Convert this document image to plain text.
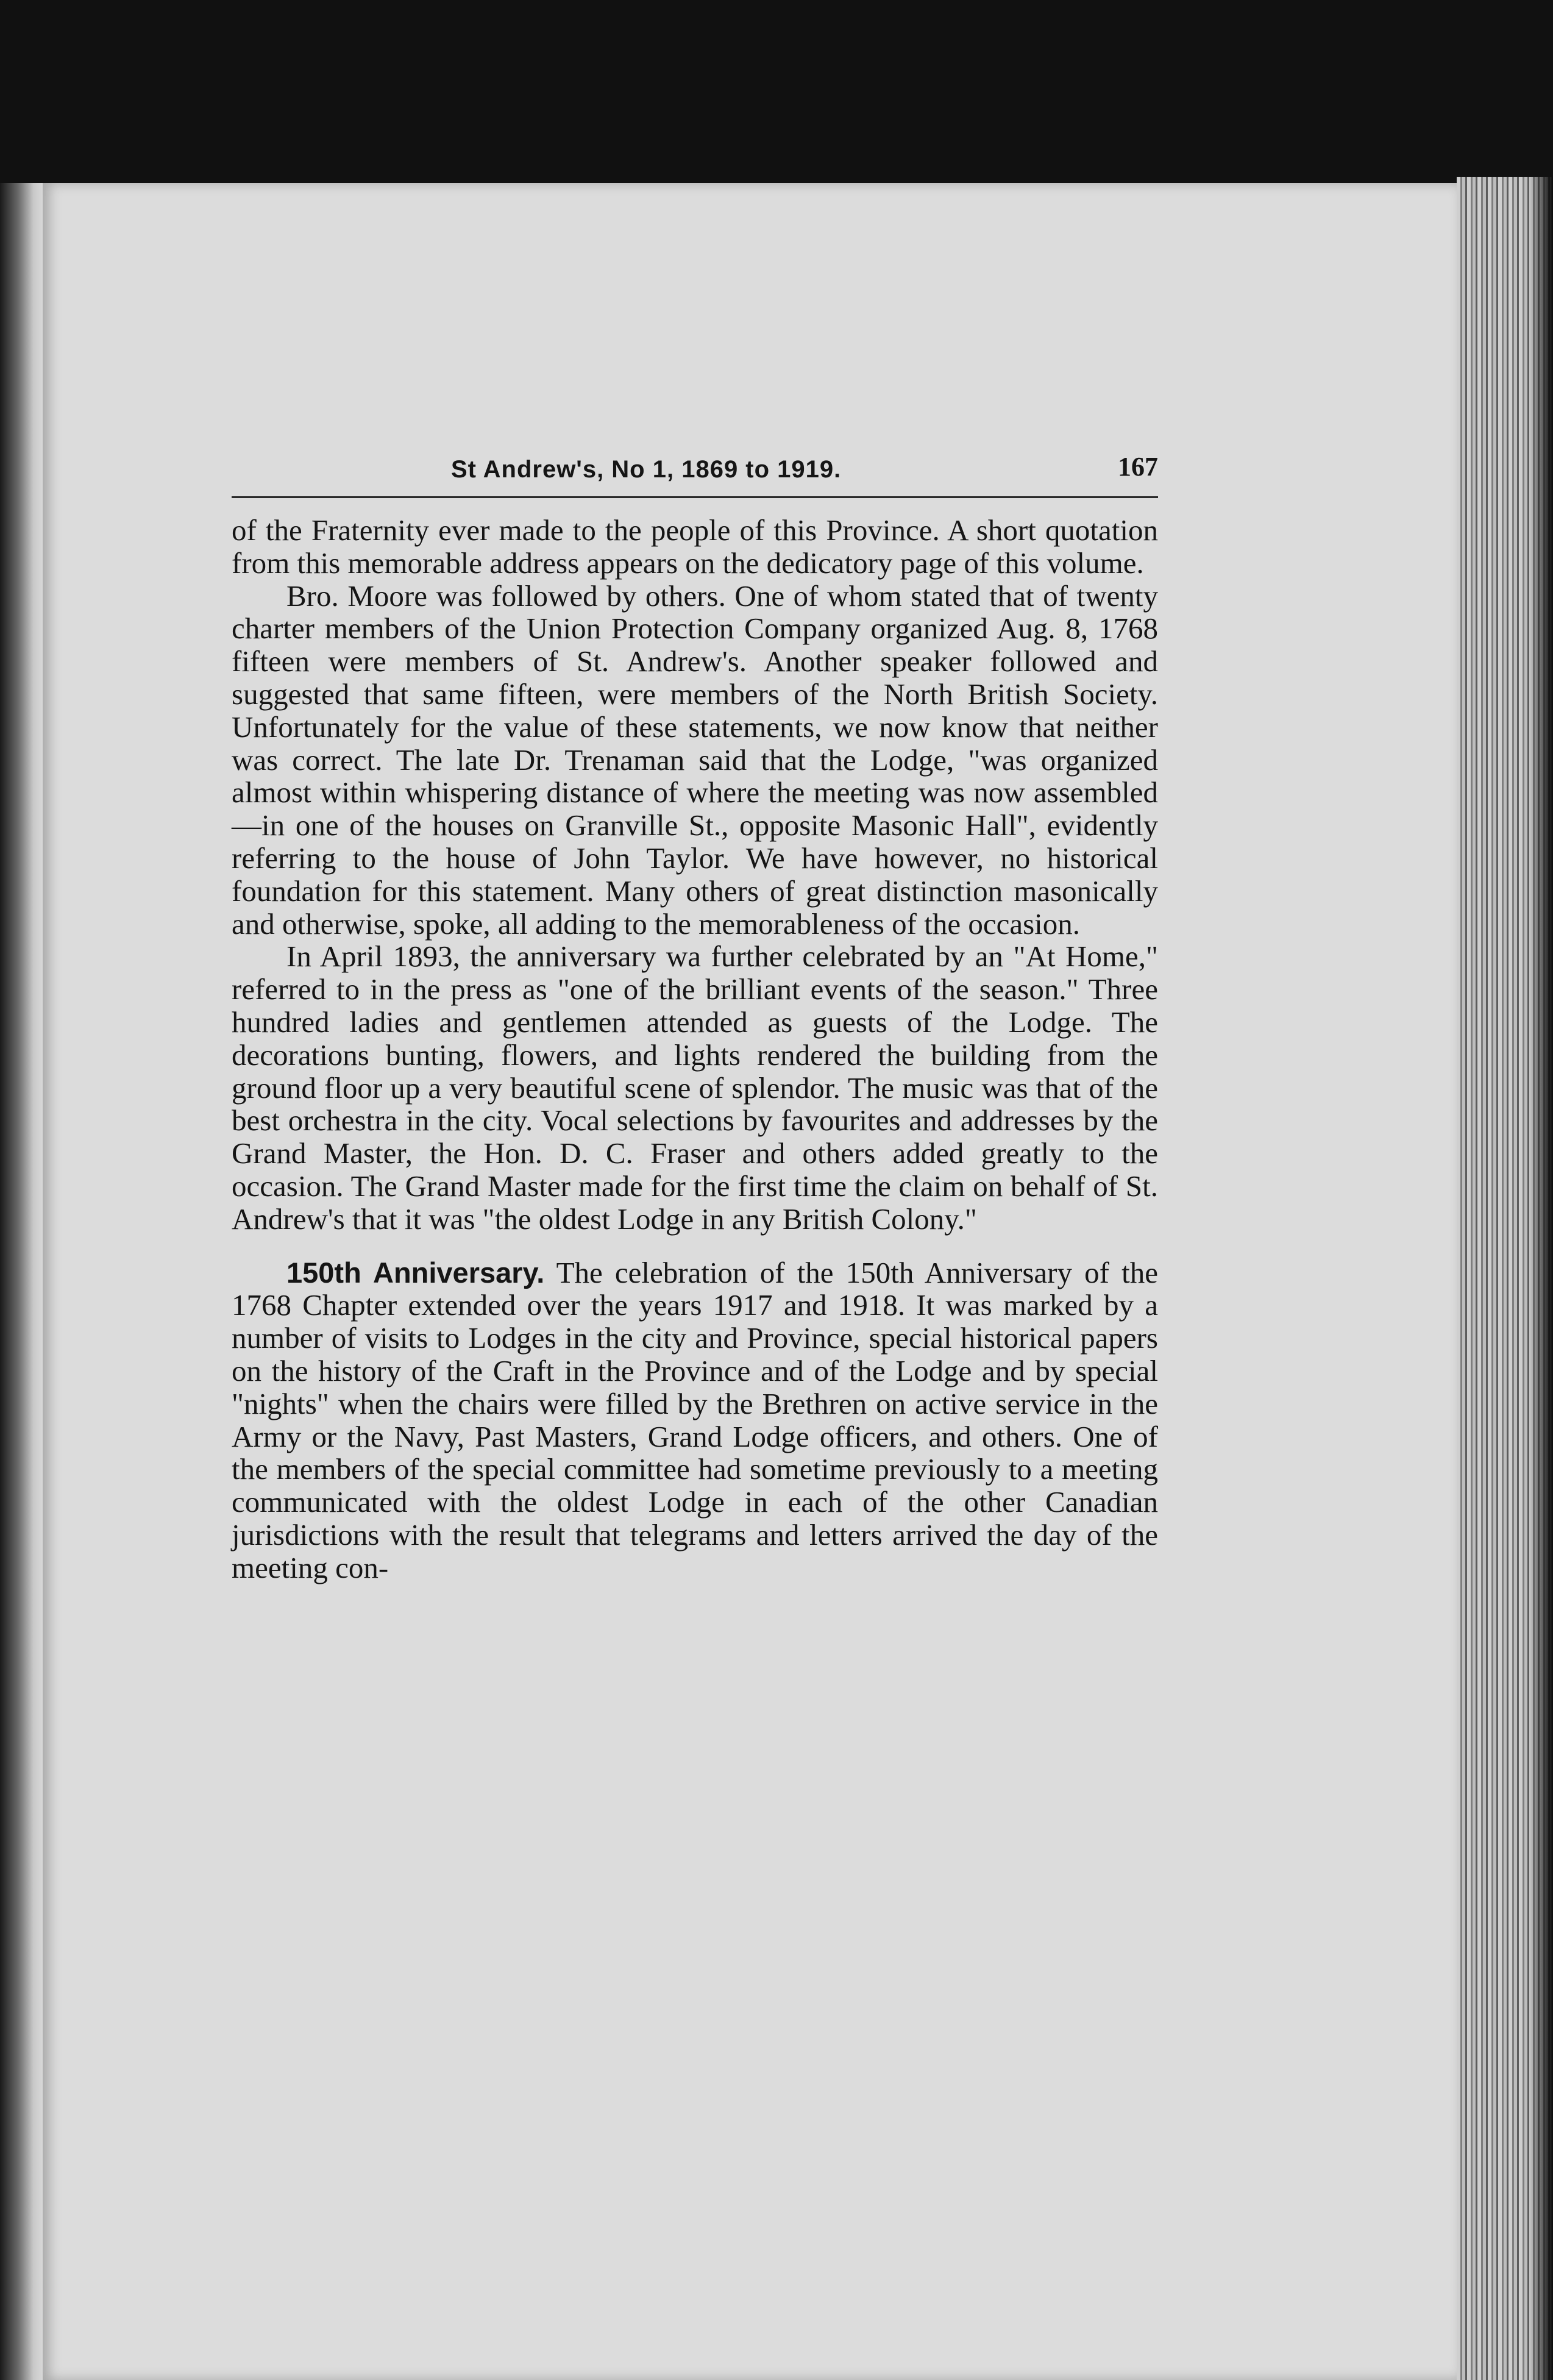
St Andrew's, No 1, 1869 to 1919.	167

of the Fraternity ever made to the people of this Province. A short quotation from this memorable address appears on the dedicatory page of this volume.

Bro. Moore was followed by others. One of whom stated that of twenty charter members of the Union Protection Company organized Aug. 8, 1768 fifteen were members of St. Andrew's. Another speaker followed and suggested that same fifteen, were members of the North British Society. Unfortunately for the value of these statements, we now know that neither was correct. The late Dr. Trenaman said that the Lodge, "was organized almost within whispering distance of where the meeting was now assembled—in one of the houses on Granville St., opposite Masonic Hall", evidently referring to the house of John Taylor. We have however, no historical foundation for this statement. Many others of great distinction masonically and otherwise, spoke, all adding to the memorableness of the occasion.

In April 1893, the anniversary wa further celebrated by an "At Home," referred to in the press as "one of the brilliant events of the season." Three hundred ladies and gentlemen attended as guests of the Lodge. The decorations bunting, flowers, and lights rendered the building from the ground floor up a very beautiful scene of splendor. The music was that of the best orchestra in the city. Vocal selections by favourites and addresses by the Grand Master, the Hon. D. C. Fraser and others added greatly to the occasion. The Grand Master made for the first time the claim on behalf of St. Andrew's that it was "the oldest Lodge in any British Colony."

150th Anniversary. The celebration of the 150th Anniversary of the 1768 Chapter extended over the years 1917 and 1918. It was marked by a number of visits to Lodges in the city and Province, special historical papers on the history of the Craft in the Province and of the Lodge and by special "nights" when the chairs were filled by the Brethren on active service in the Army or the Navy, Past Masters, Grand Lodge officers, and others. One of the members of the special committee had sometime previously to a meeting communicated with the oldest Lodge in each of the other Canadian jurisdictions with the result that telegrams and letters arrived the day of the meeting con-
